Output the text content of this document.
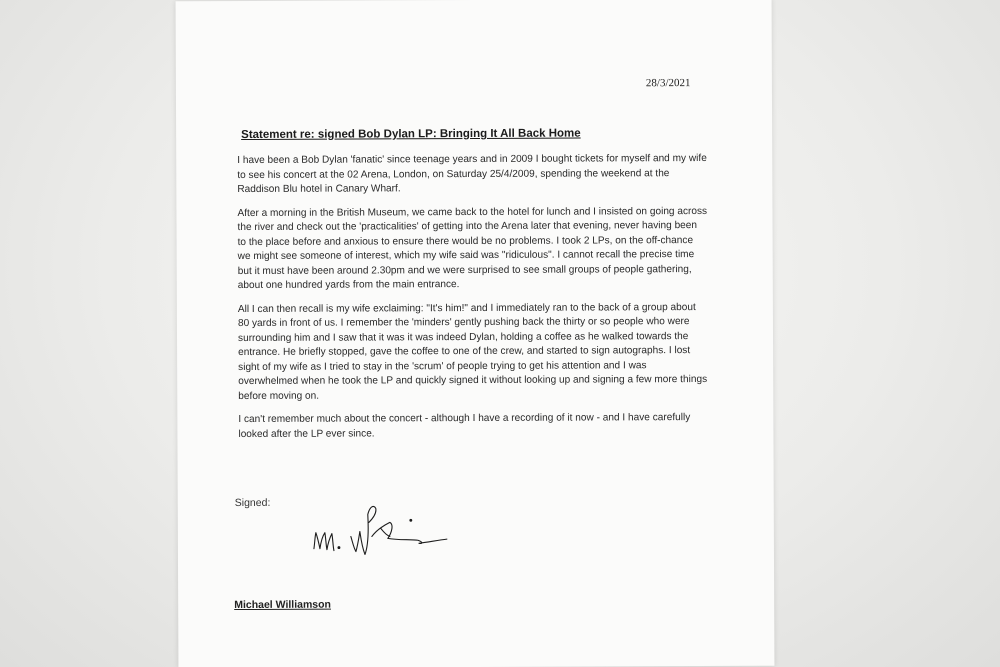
28/3/2021
Statement re: signed Bob Dylan LP: Bringing It All Back Home

I have been a Bob Dylan 'fanatic' since teenage years and in 2009 I bought tickets for myself and my wife to see his concert at the 02 Arena, London, on Saturday 25/4/2009, spending the weekend at the Raddison Blu hotel in Canary Wharf.

After a morning in the British Museum, we came back to the hotel for lunch and I insisted on going across the river and check out the 'practicalities' of getting into the Arena later that evening, never having been to the place before and anxious to ensure there would be no problems. I took 2 LPs, on the off-chance we might see someone of interest, which my wife said was "ridiculous". I cannot recall the precise time but it must have been around 2.30pm and we were surprised to see small groups of people gathering, about one hundred yards from the main entrance.

All I can then recall is my wife exclaiming: "It's him!" and I immediately ran to the back of a group about 80 yards in front of us. I remember the 'minders' gently pushing back the thirty or so people who were surrounding him and I saw that it was it was indeed Dylan, holding a coffee as he walked towards the entrance. He briefly stopped, gave the coffee to one of the crew, and started to sign autographs. I lost sight of my wife as I tried to stay in the 'scrum' of people trying to get his attention and I was overwhelmed when he took the LP and quickly signed it without looking up and signing a few more things before moving on.

I can't remember much about the concert - although I have a recording of it now - and I have carefully looked after the LP ever since.

Signed:
Michael Williamson
